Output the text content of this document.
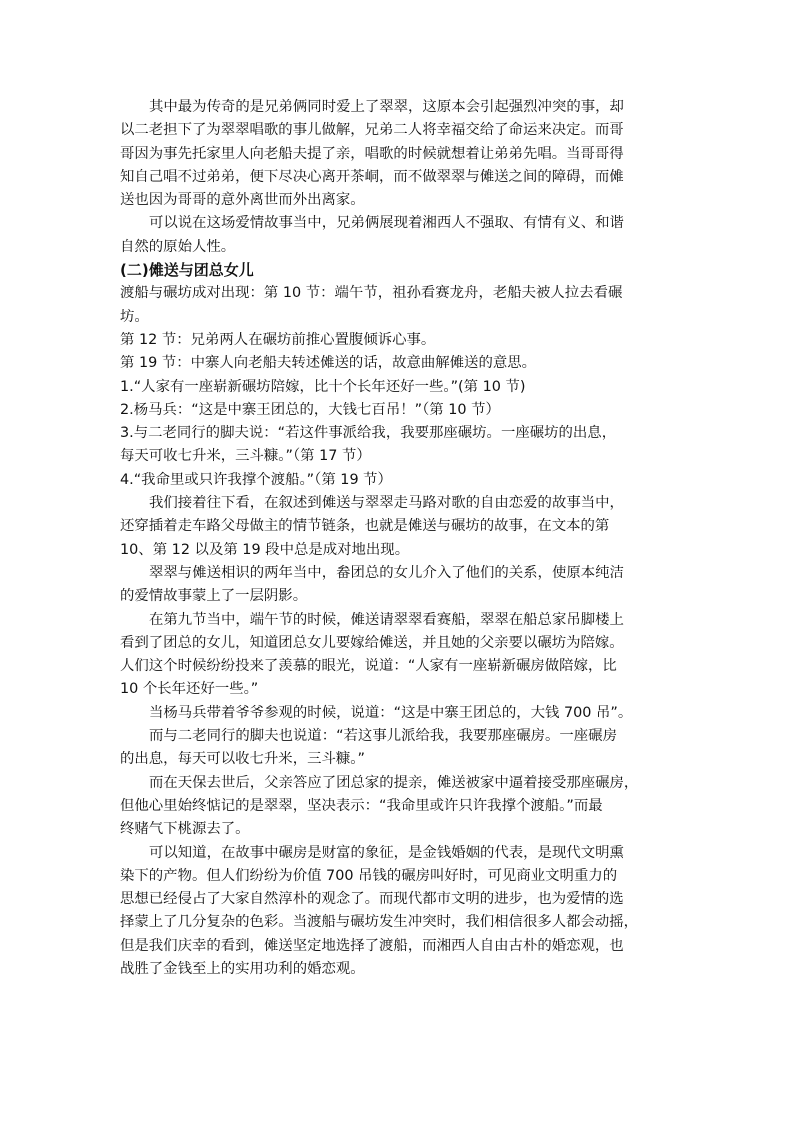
其中最为传奇的是兄弟俩同时爱上了翠翠，这原本会引起强烈冲突的事，却
以二老担下了为翠翠唱歌的事儿做解，兄弟二人将幸福交给了命运来决定。而哥
哥因为事先托家里人向老船夫提了亲，唱歌的时候就想着让弟弟先唱。当哥哥得
知自己唱不过弟弟，便下尽决心离开茶峒，而不做翠翠与傩送之间的障碍，而傩
送也因为哥哥的意外离世而外出离家。
可以说在这场爱情故事当中，兄弟俩展现着湘西人不强取、有情有义、和谐
自然的原始人性。
(二)傩送与团总女儿
渡船与碾坊成对出现：第 10 节：端午节，祖孙看赛龙舟，老船夫被人拉去看碾
坊。
第 12 节：兄弟两人在碾坊前推心置腹倾诉心事。
第 19 节：中寨人向老船夫转述傩送的话，故意曲解傩送的意思。
1.“人家有一座崭新碾坊陪嫁，比十个长年还好一些。”(第 10 节)
2.杨马兵：“这是中寨王团总的，大钱七百吊！”（第 10 节）
3.与二老同行的脚夫说：“若这件事派给我，我要那座碾坊。一座碾坊的出息，
每天可收七升米，三斗糠。”（第 17 节）
4.“我命里或只许我撑个渡船。”（第 19 节）
我们接着往下看，在叙述到傩送与翠翠走马路对歌的自由恋爱的故事当中，
还穿插着走车路父母做主的情节链条，也就是傩送与碾坊的故事，在文本的第
10、第 12 以及第 19 段中总是成对地出现。
翠翠与傩送相识的两年当中，畚团总的女儿介入了他们的关系，使原本纯洁
的爱情故事蒙上了一层阴影。
在第九节当中，端午节的时候，傩送请翠翠看赛船，翠翠在船总家吊脚楼上
看到了团总的女儿，知道团总女儿要嫁给傩送，并且她的父亲要以碾坊为陪嫁。
人们这个时候纷纷投来了羡慕的眼光，说道：“人家有一座崭新碾房做陪嫁，比
10 个长年还好一些。”
当杨马兵带着爷爷参观的时候，说道：“这是中寨王团总的，大钱 700 吊”。
而与二老同行的脚夫也说道：“若这事儿派给我，我要那座碾房。一座碾房
的出息，每天可以收七升米，三斗糠。”
而在天保去世后，父亲答应了团总家的提亲，傩送被家中逼着接受那座碾房，
但他心里始终惦记的是翠翠，坚决表示：“我命里或许只许我撑个渡船。”而最
终赌气下桃源去了。
可以知道，在故事中碾房是财富的象征，是金钱婚姻的代表，是现代文明熏
染下的产物。但人们纷纷为价值 700 吊钱的碾房叫好时，可见商业文明重力的
思想已经侵占了大家自然淳朴的观念了。而现代都市文明的进步，也为爱情的选
择蒙上了几分复杂的色彩。当渡船与碾坊发生冲突时，我们相信很多人都会动摇，
但是我们庆幸的看到，傩送坚定地选择了渡船，而湘西人自由古朴的婚恋观，也
战胜了金钱至上的实用功利的婚恋观。
